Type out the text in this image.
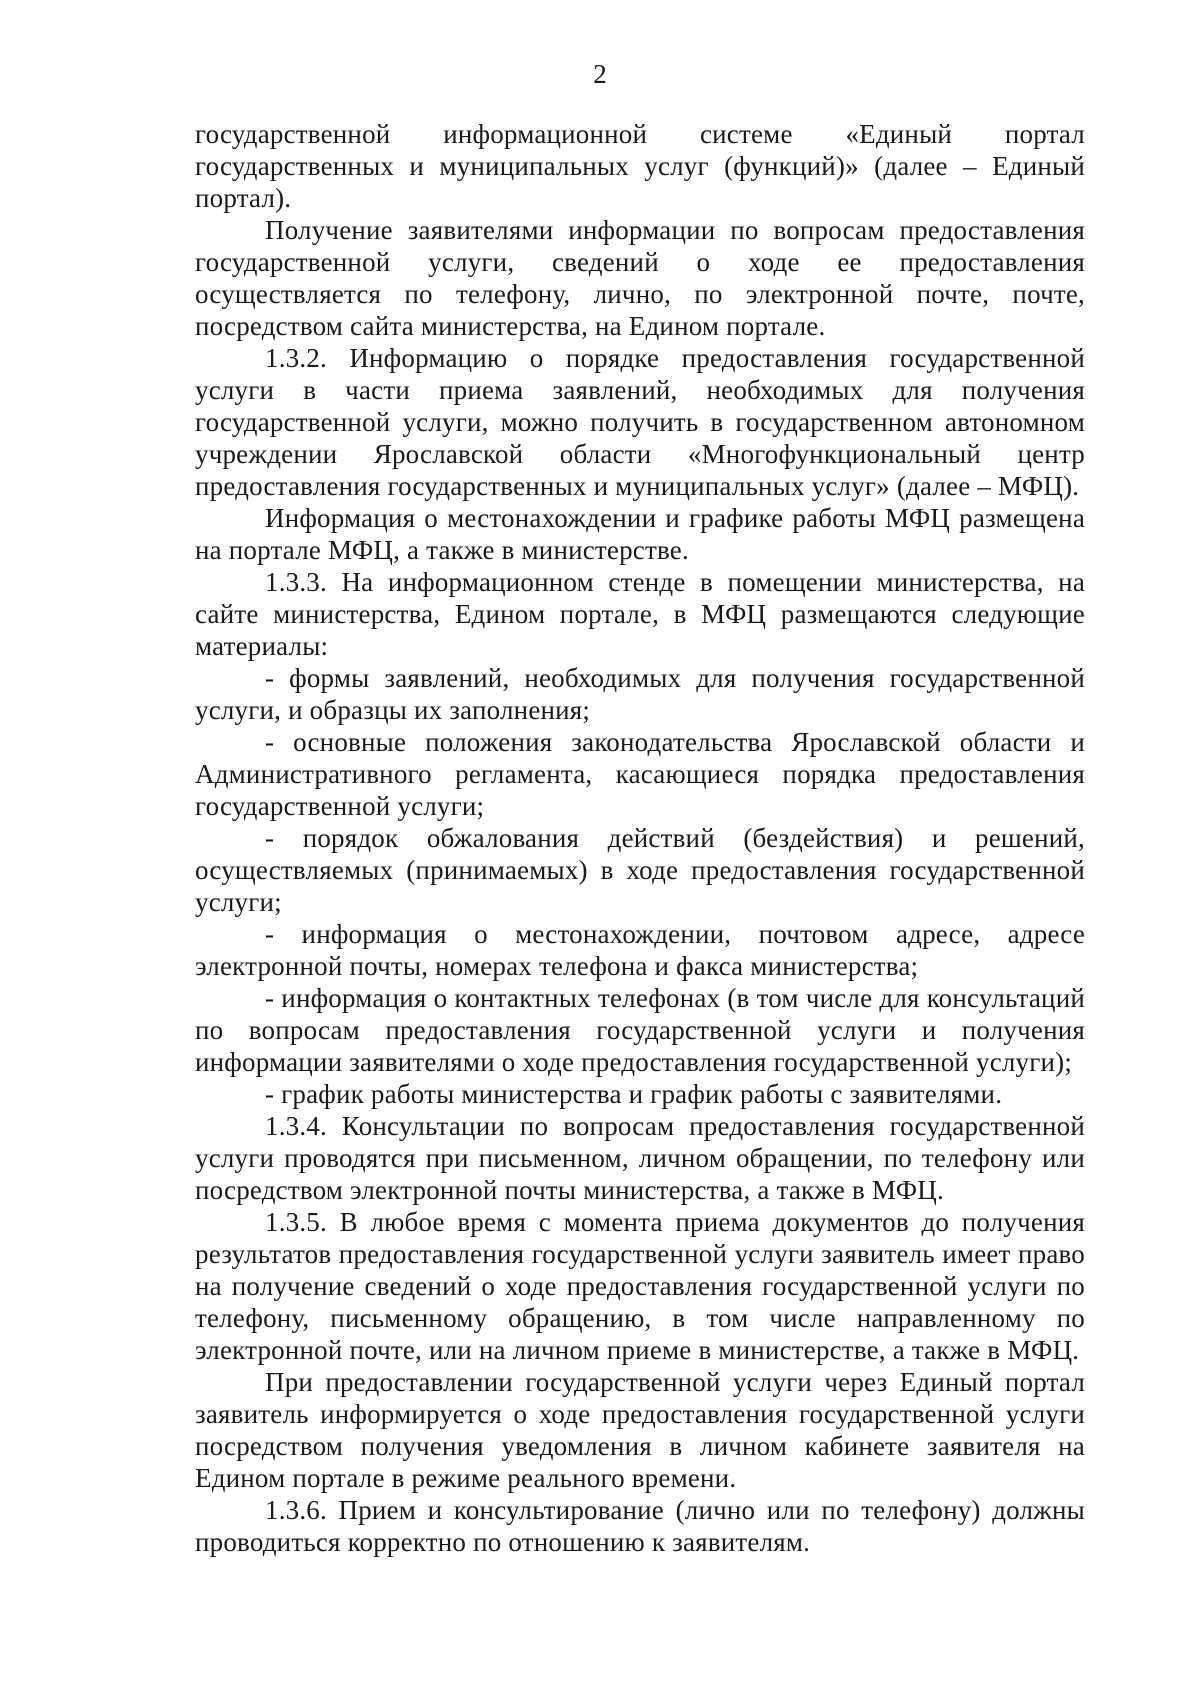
2

государственной информационной системе «Единый портал государственных и муниципальных услуг (функций)» (далее – Единый портал).

Получение заявителями информации по вопросам предоставления государственной услуги, сведений о ходе ее предоставления осуществляется по телефону, лично, по электронной почте, почте, посредством сайта министерства, на Едином портале.

1.3.2. Информацию о порядке предоставления государственной услуги в части приема заявлений, необходимых для получения государственной услуги, можно получить в государственном автономном учреждении Ярославской области «Многофункциональный центр предоставления государственных и муниципальных услуг» (далее – МФЦ).

Информация о местонахождении и графике работы МФЦ размещена на портале МФЦ, а также в министерстве.

1.3.3. На информационном стенде в помещении министерства, на сайте министерства, Едином портале, в МФЦ размещаются следующие материалы:

- формы заявлений, необходимых для получения государственной услуги, и образцы их заполнения;

- основные положения законодательства Ярославской области и Административного регламента, касающиеся порядка предоставления государственной услуги;

- порядок обжалования действий (бездействия) и решений, осуществляемых (принимаемых) в ходе предоставления государственной услуги;

- информация о местонахождении, почтовом адресе, адресе электронной почты, номерах телефона и факса министерства;

- информация о контактных телефонах (в том числе для консультаций по вопросам предоставления государственной услуги и получения информации заявителями о ходе предоставления государственной услуги);

- график работы министерства и график работы с заявителями.

1.3.4. Консультации по вопросам предоставления государственной услуги проводятся при письменном, личном обращении, по телефону или посредством электронной почты министерства, а также в МФЦ.

1.3.5. В любое время с момента приема документов до получения результатов предоставления государственной услуги заявитель имеет право на получение сведений о ходе предоставления государственной услуги по телефону, письменному обращению, в том числе направленному по электронной почте, или на личном приеме в министерстве, а также в МФЦ.

При предоставлении государственной услуги через Единый портал заявитель информируется о ходе предоставления государственной услуги посредством получения уведомления в личном кабинете заявителя на Едином портале в режиме реального времени.

1.3.6. Прием и консультирование (лично или по телефону) должны проводиться корректно по отношению к заявителям.
